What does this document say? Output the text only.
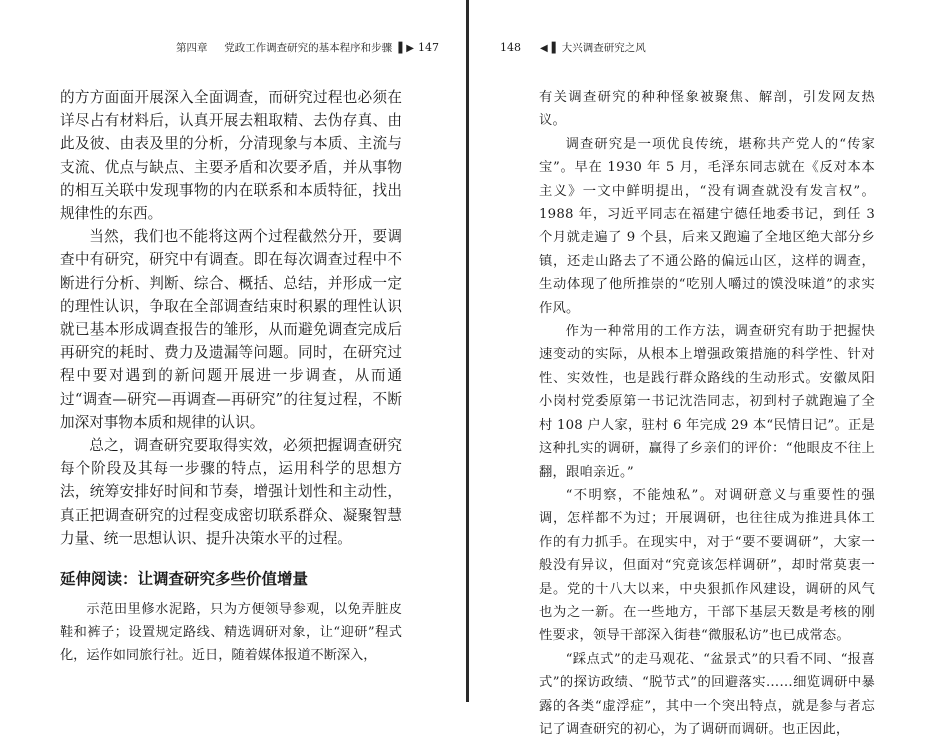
第四章 党政工作调查研究的基本程序和步骤 ▌▶ 147

的方方面面开展深入全面调查，而研究过程也必须在详尽占有材料后，认真开展去粗取精、去伪存真、由此及彼、由表及里的分析，分清现象与本质、主流与支流、优点与缺点、主要矛盾和次要矛盾，并从事物的相互关联中发现事物的内在联系和本质特征，找出规律性的东西。

当然，我们也不能将这两个过程截然分开，要调查中有研究，研究中有调查。即在每次调查过程中不断进行分析、判断、综合、概括、总结，并形成一定的理性认识，争取在全部调查结束时积累的理性认识就已基本形成调查报告的雏形，从而避免调查完成后再研究的耗时、费力及遗漏等问题。同时，在研究过程中要对遇到的新问题开展进一步调查，从而通过“调查—研究—再调查—再研究”的往复过程，不断加深对事物本质和规律的认识。

总之，调查研究要取得实效，必须把握调查研究每个阶段及其每一步骤的特点，运用科学的思想方法，统筹安排好时间和节奏，增强计划性和主动性，真正把调查研究的过程变成密切联系群众、凝聚智慧力量、统一思想认识、提升决策水平的过程。

延伸阅读：让调查研究多些价值增量

示范田里修水泥路，只为方便领导参观，以免弄脏皮鞋和裤子；设置规定路线、精选调研对象，让“迎研”程式化，运作如同旅行社。近日，随着媒体报道不断深入，

148	◀▐ 大兴调查研究之风

有关调查研究的种种怪象被聚焦、解剖，引发网友热议。

调查研究是一项优良传统，堪称共产党人的“传家宝”。早在 1930 年 5 月，毛泽东同志就在《反对本本主义》一文中鲜明提出，“没有调查就没有发言权”。1988 年，习近平同志在福建宁德任地委书记，到任 3 个月就走遍了 9 个县，后来又跑遍了全地区绝大部分乡镇，还走山路去了不通公路的偏远山区，这样的调查，生动体现了他所推崇的“吃别人嚼过的馍没味道”的求实作风。

作为一种常用的工作方法，调查研究有助于把握快速变动的实际，从根本上增强政策措施的科学性、针对性、实效性，也是践行群众路线的生动形式。安徽凤阳小岗村党委原第一书记沈浩同志，初到村子就跑遍了全村 108 户人家，驻村 6 年完成 29 本“民情日记”。正是这种扎实的调研，赢得了乡亲们的评价：“他眼皮不往上翻，跟咱亲近。”

“不明察，不能烛私”。对调研意义与重要性的强调，怎样都不为过；开展调研，也往往成为推进具体工作的有力抓手。在现实中，对于“要不要调研”，大家一般没有异议，但面对“究竟该怎样调研”，却时常莫衷一是。党的十八大以来，中央狠抓作风建设，调研的风气也为之一新。在一些地方，干部下基层天数是考核的刚性要求，领导干部深入街巷“微服私访”也已成常态。

“踩点式”的走马观花、“盆景式”的只看不同、“报喜式”的探访政绩、“脱节式”的回避落实……细览调研中暴露的各类“虚浮症”，其中一个突出特点，就是参与者忘记了调查研究的初心，为了调研而调研。也正因此，
